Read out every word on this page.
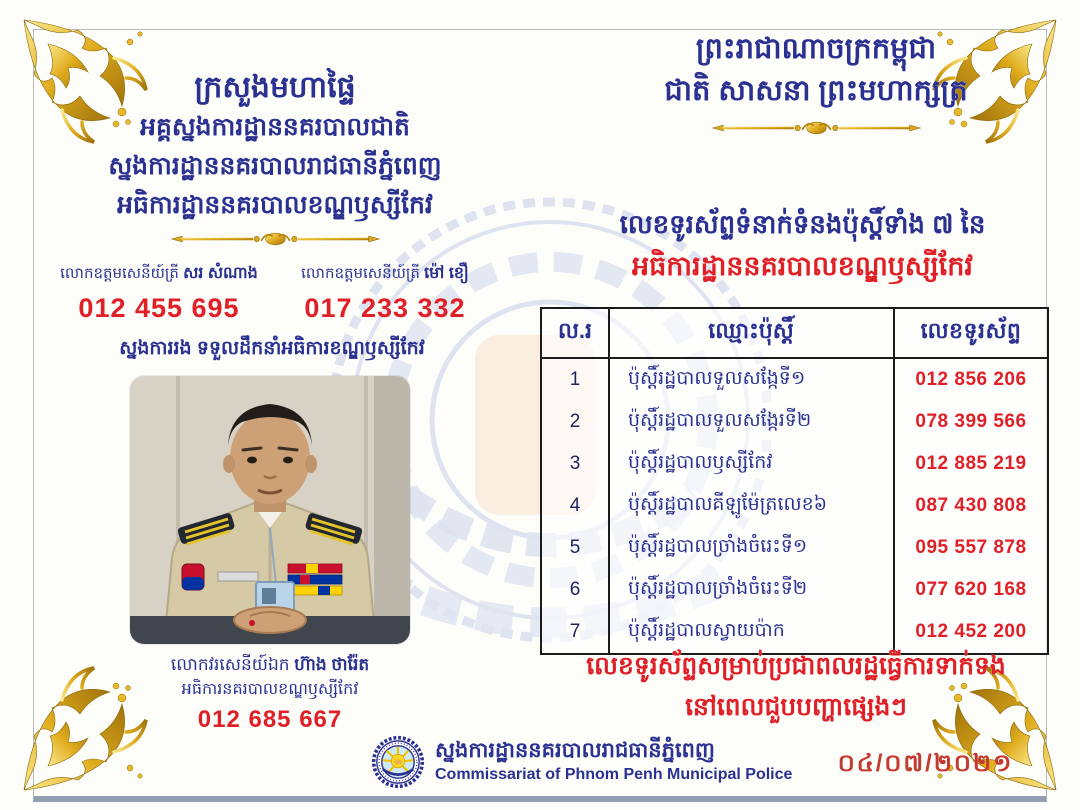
ក្រសួងមហាផ្ទៃ
អគ្គស្នងការដ្ឋាននគរបាលជាតិ
ស្នងការដ្ឋាននគរបាលរាជធានីភ្នំពេញ
អធិការដ្ឋាននគរបាលខណ្ឌឫស្សីកែវ
ព្រះរាជាណាចក្រកម្ពុជា
ជាតិ សាសនា ព្រះមហាក្សត្រ
លេខទូរស័ព្ទទំនាក់ទំនងប៉ុស្ដិ៍ទាំង ៧ នៃ
អធិការដ្ឋាននគរបាលខណ្ឌឫស្សីកែវ
លោកឧត្តមសេនីយ៍ត្រី សរ សំណាង
012 455 695
លោកឧត្តមសេនីយ៍ត្រី ម៉ៅ ខឿ
017 233 332
ស្នងការរង ទទួលដឹកនាំអធិការខណ្ឌឫស្សីកែវ
លោកវរសេនីយ៍ឯក ហ៊ាង ថារ៉ែត
អធិការនគរបាលខណ្ឌឫស្សីកែវ
012 685 667
ល.រ	ឈ្មោះប៉ុស្ដិ៍	លេខទូរស័ព្ទ
1	ប៉ុស្ដិ៍រដ្ឋបាលទួលសង្កែទី១	012 856 206
2	ប៉ុស្ដិ៍រដ្ឋបាលទួលសង្កែរទី២	078 399 566
3	ប៉ុស្ដិ៍រដ្ឋបាលឫស្សីកែវ	012 885 219
4	ប៉ុស្ដិ៍រដ្ឋបាលគីឡូម៉ែត្រលេខ៦	087 430 808
5	ប៉ុស្ដិ៍រដ្ឋបាលច្រាំងចំរេះទី១	095 557 878
6	ប៉ុស្ដិ៍រដ្ឋបាលច្រាំងចំរេះទី២	077 620 168
7	ប៉ុស្ដិ៍រដ្ឋបាលស្វាយប៉ាក	012 452 200
លេខទូរស័ព្ទសម្រាប់ប្រជាពលរដ្ឋធ្វើការទាក់ទង
នៅពេលជួបបញ្ហាផ្សេងៗ
ស្នងការដ្ឋាននគរបាលរាជធានីភ្នំពេញ
Commissariat of Phnom Penh Municipal Police	០៤/០៧/២០២១
